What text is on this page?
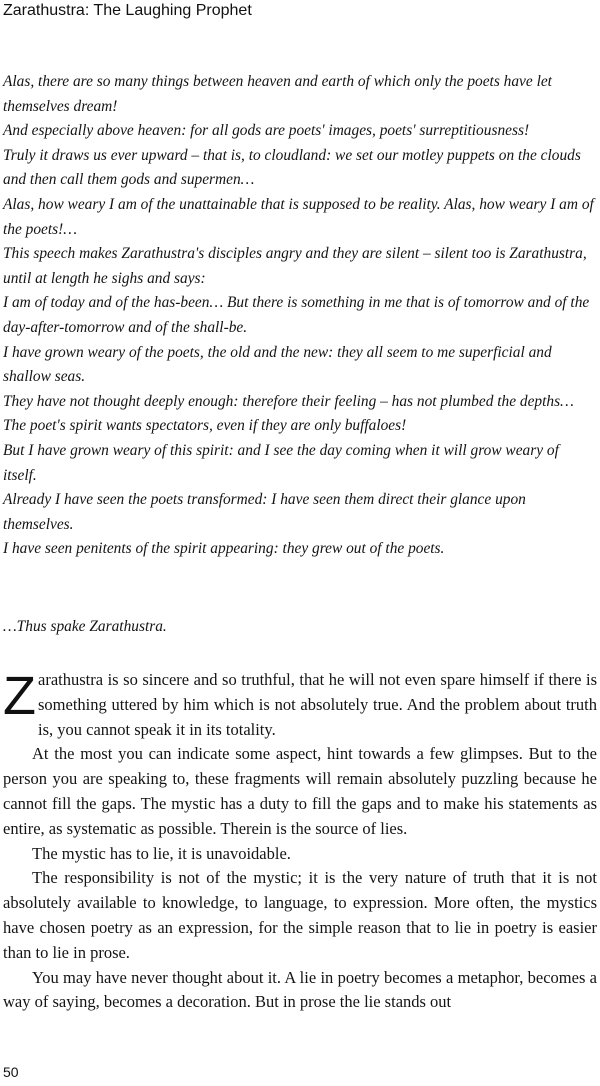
Zarathustra: The Laughing Prophet

Alas, there are so many things between heaven and earth of which only the poets have let themselves dream!

And especially above heaven: for all gods are poets' images, poets' surreptitiousness!

Truly it draws us ever upward – that is, to cloudland: we set our motley puppets on the clouds and then call them gods and supermen…

Alas, how weary I am of the unattainable that is supposed to be reality. Alas, how weary I am of the poets!…

This speech makes Zarathustra's disciples angry and they are silent – silent too is Zarathustra, until at length he sighs and says:

I am of today and of the has-been… But there is something in me that is of tomorrow and of the day-after-tomorrow and of the shall-be.

I have grown weary of the poets, the old and the new: they all seem to me superficial and shallow seas.

They have not thought deeply enough: therefore their feeling – has not plumbed the depths…

The poet's spirit wants spectators, even if they are only buffaloes!

But I have grown weary of this spirit: and I see the day coming when it will grow weary of itself.

Already I have seen the poets transformed: I have seen them direct their glance upon themselves.

I have seen penitents of the spirit appearing: they grew out of the poets.

…Thus spake Zarathustra.

Zarathustra is so sincere and so truthful, that he will not even spare himself if there is something uttered by him which is not absolutely true. And the problem about truth is, you cannot speak it in its totality.

At the most you can indicate some aspect, hint towards a few glimpses. But to the person you are speaking to, these fragments will remain absolutely puzzling because he cannot fill the gaps. The mystic has a duty to fill the gaps and to make his statements as entire, as systematic as possible. Therein is the source of lies.

The mystic has to lie, it is unavoidable.

The responsibility is not of the mystic; it is the very nature of truth that it is not absolutely available to knowledge, to language, to expression. More often, the mystics have chosen poetry as an expression, for the simple reason that to lie in poetry is easier than to lie in prose.

You may have never thought about it. A lie in poetry becomes a metaphor, becomes a way of saying, becomes a decoration. But in prose the lie stands out

50
